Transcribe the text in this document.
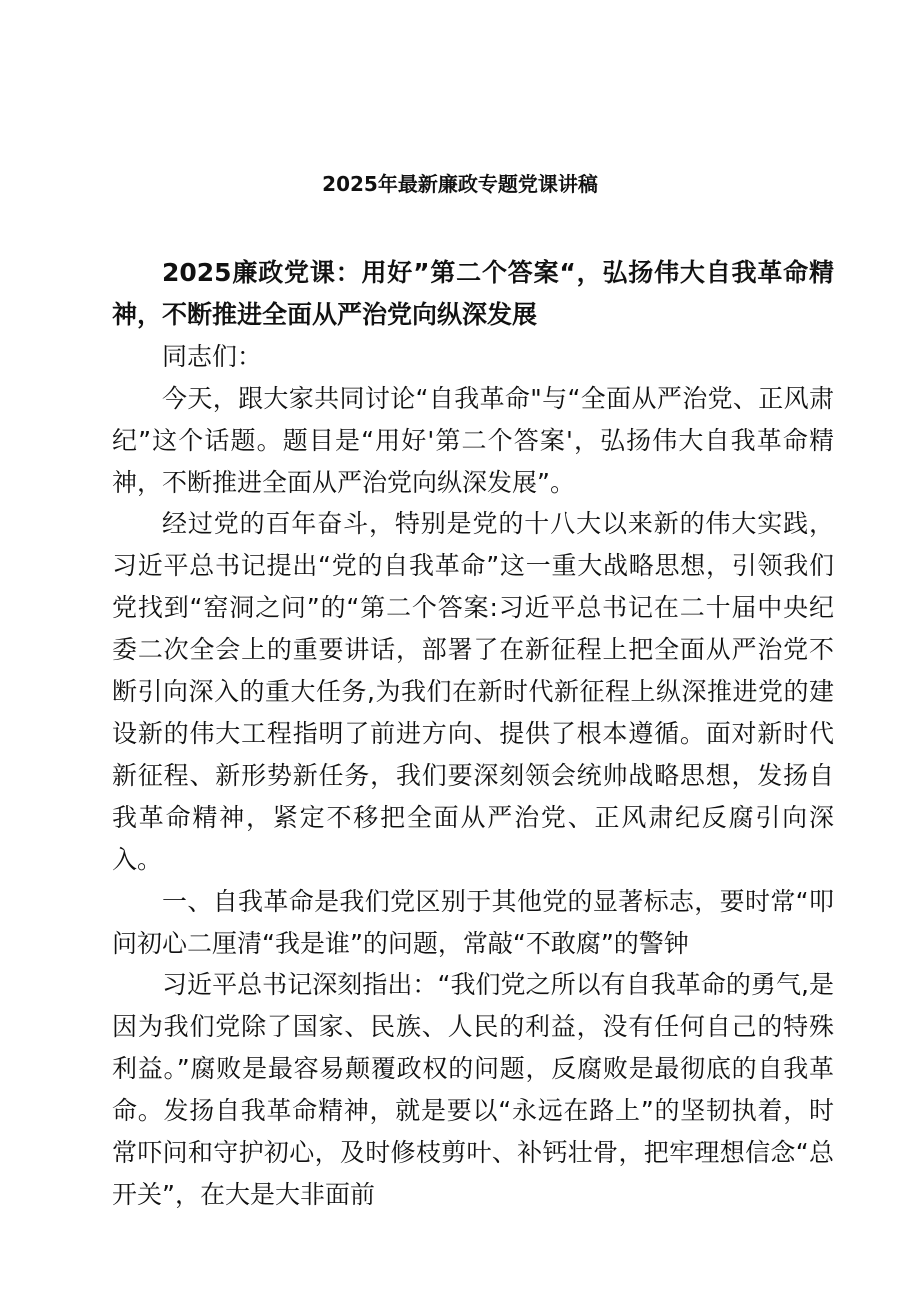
2025年最新廉政专题党课讲稿

2025廉政党课：用好”第二个答案“，弘扬伟大自我革命精神，不断推进全面从严治党向纵深发展

同志们：

今天，跟大家共同讨论“自我革命"与“全面从严治党、正风肃纪”这个话题。题目是“用好'第二个答案'，弘扬伟大自我革命精神，不断推进全面从严治党向纵深发展”。

经过党的百年奋斗，特别是党的十八大以来新的伟大实践，习近平总书记提出“党的自我革命”这一重大战略思想，引领我们党找到“窑洞之问”的“第二个答案:习近平总书记在二十届中央纪委二次全会上的重要讲话，部署了在新征程上把全面从严治党不断引向深入的重大任务,为我们在新时代新征程上纵深推进党的建设新的伟大工程指明了前进方向、提供了根本遵循。面对新时代新征程、新形势新任务，我们要深刻领会统帅战略思想，发扬自我革命精神，紧定不移把全面从严治党、正风肃纪反腐引向深入。

一、自我革命是我们党区别于其他党的显著标志，要时常“叩问初心二厘清“我是谁”的问题，常敲“不敢腐”的警钟

习近平总书记深刻指出：“我们党之所以有自我革命的勇气,是因为我们党除了国家、民族、人民的利益，没有任何自己的特殊利益。”腐败是最容易颠覆政权的问题，反腐败是最彻底的自我革命。发扬自我革命精神，就是要以“永远在路上”的坚韧执着，时常吓问和守护初心，及时修枝剪叶、补钙壮骨，把牢理想信念“总开关”，在大是大非面前
